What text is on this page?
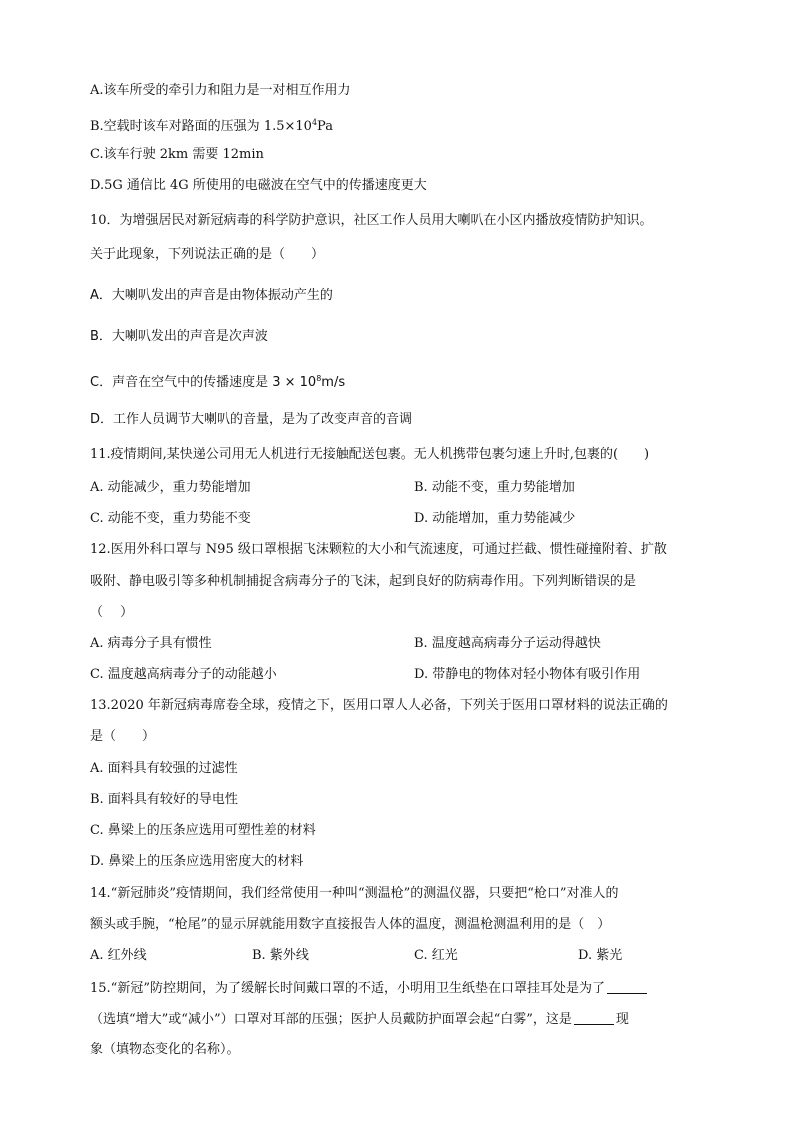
A.该车所受的牵引力和阻力是一对相互作用力
B.空载时该车对路面的压强为 $1.5\times 10^4Pa$
C.该车行驶 2km 需要 12min
D.5G 通信比 4G 所使用的电磁波在空气中的传播速度更大
10．为增强居民对新冠病毒的科学防护意识，社区工作人员用大喇叭在小区内播放疫情防护知识。
关于此现象，下列说法正确的是（　　）
A．大喇叭发出的声音是由物体振动产生的
B．大喇叭发出的声音是次声波
C．声音在空气中的传播速度是 $3 \times 10^8m/s$
D．工作人员调节大喇叭的音量，是为了改变声音的音调
11.疫情期间,某快递公司用无人机进行无接触配送包裹。无人机携带包裹匀速上升时,包裹的(　　)
A. 动能减少，重力势能增加	B. 动能不变，重力势能增加
C. 动能不变，重力势能不变	D. 动能增加，重力势能减少
12.医用外科口罩与 N95 级口罩根据飞沫颗粒的大小和气流速度，可通过拦截、惯性碰撞附着、扩散
吸附、静电吸引等多种机制捕捉含病毒分子的飞沫，起到良好的防病毒作用。下列判断错误的是
（　 ）
A. 病毒分子具有惯性	B. 温度越高病毒分子运动得越快
C. 温度越高病毒分子的动能越小	D. 带静电的物体对轻小物体有吸引作用
13.2020 年新冠病毒席卷全球，疫情之下，医用口罩人人必备，下列关于医用口罩材料的说法正确的
是（　　）
A. 面料具有较强的过滤性
B. 面料具有较好的导电性
C. 鼻梁上的压条应选用可塑性差的材料
D. 鼻梁上的压条应选用密度大的材料
14.“新冠肺炎”疫情期间，我们经常使用一种叫“测温枪”的测温仪器，只要把“枪口”对准人的
额头或手腕，“枪尾”的显示屏就能用数字直接报告人体的温度，测温枪测温利用的是（　）
A. 红外线	B. 紫外线	C. 红光	D. 紫光
15.“新冠”防控期间，为了缓解长时间戴口罩的不适，小明用卫生纸垫在口罩挂耳处是为了
（选填“增大”或“减小”）口罩对耳部的压强；医护人员戴防护面罩会起“白雾”，这是	现
象（填物态变化的名称）。
